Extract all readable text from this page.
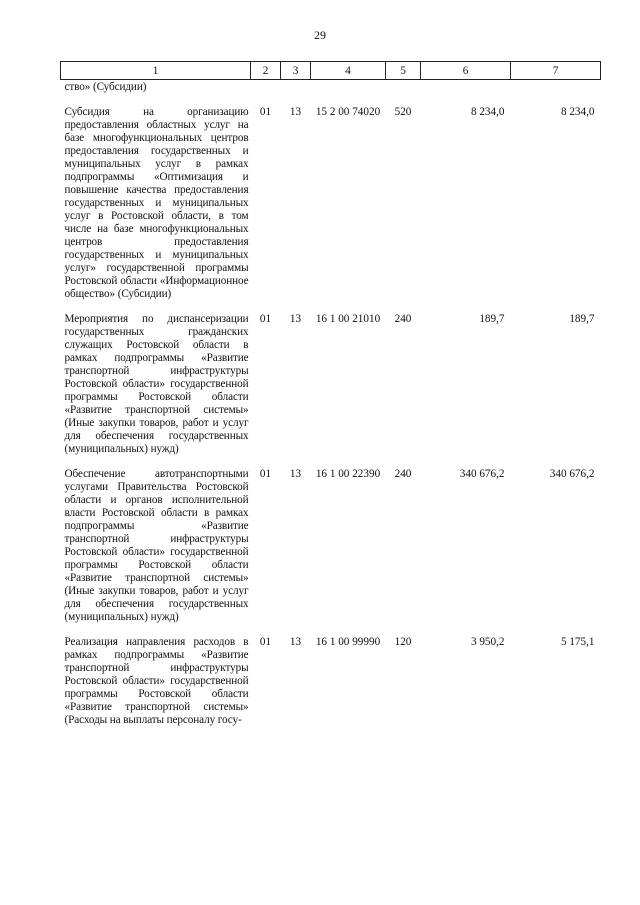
29
1	2	3	4	5	6	7
ство» (Субсидии)						
Субсидия на организацию предоставления областных услуг на базе многофункциональных центров предоставления государственных и муниципальных услуг в рамках подпрограммы «Оптимизация и повышение качества предоставления государственных и муниципальных услуг в Ростовской области, в том числе на базе многофункциональных центров предоставления государственных и муниципальных услуг» государственной программы Ростовской области «Информационное общество» (Субсидии)	01	13	15 2 00 74020	520	8 234,0	8 234,0
Мероприятия по диспансеризации государственных гражданских служащих Ростовской области в рамках подпрограммы «Развитие транспортной инфраструктуры Ростовской области» государственной программы Ростовской области «Развитие транспортной системы» (Иные закупки товаров, работ и услуг для обеспечения государственных (муниципальных) нужд)	01	13	16 1 00 21010	240	189,7	189,7
Обеспечение автотранспортными услугами Правительства Ростовской области и органов исполнительной власти Ростовской области в рамках подпрограммы «Развитие транспортной инфраструктуры Ростовской области» государственной программы Ростовской области «Развитие транспортной системы» (Иные закупки товаров, работ и услуг для обеспечения государственных (муниципальных) нужд)	01	13	16 1 00 22390	240	340 676,2	340 676,2
Реализация направления расходов в рамках подпрограммы «Развитие транспортной инфраструктуры Ростовской области» государственной программы Ростовской области «Развитие транспортной системы» (Расходы на выплаты персоналу госу-	01	13	16 1 00 99990	120	3 950,2	5 175,1
